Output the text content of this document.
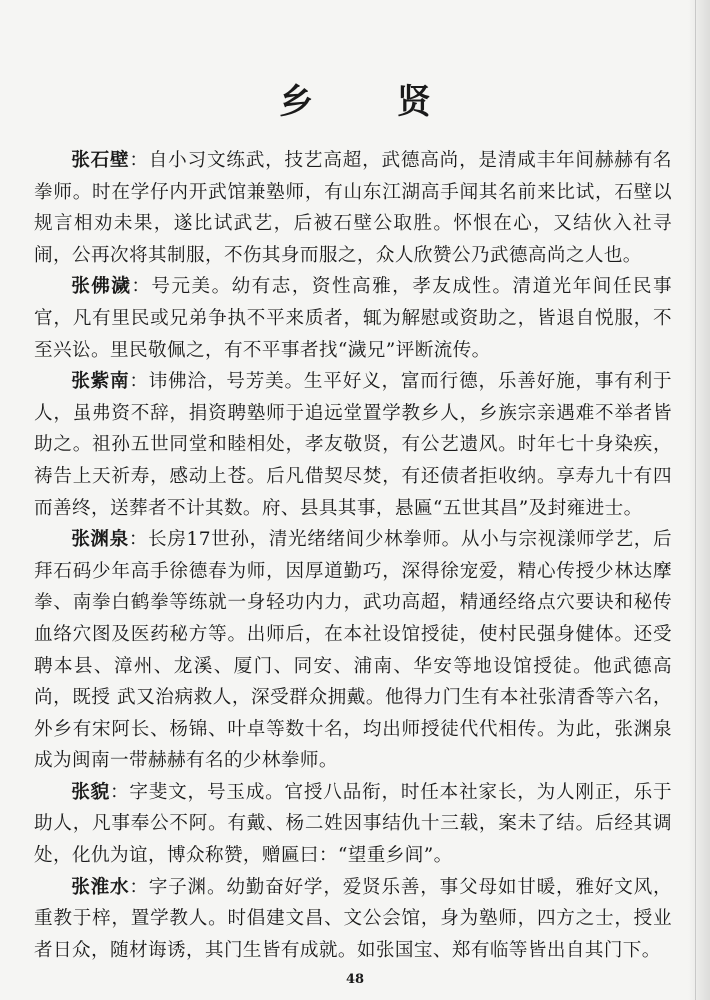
乡 贤

张石壁：自小习文练武，技艺高超，武德高尚，是清咸丰年间赫赫有名拳师。时在学仔内开武馆兼塾师，有山东江湖高手闻其名前来比试，石壁以规言相劝未果，遂比试武艺，后被石壁公取胜。怀恨在心，又结伙入社寻闹，公再次将其制服，不伤其身而服之，众人欣赞公乃武德高尚之人也。

张佛濊：号元美。幼有志，资性高雅，孝友成性。清道光年间任民事官，凡有里民或兄弟争执不平来质者，辄为解慰或资助之，皆退自悦服，不至兴讼。里民敬佩之，有不平事者找“濊兄”评断流传。

张紫南：讳佛洽，号芳美。生平好义，富而行德，乐善好施，事有利于人，虽弗资不辞，捐资聘塾师于追远堂置学教乡人，乡族宗亲遇难不举者皆助之。祖孙五世同堂和睦相处，孝友敬贤，有公艺遗风。时年七十身染疾，祷告上天祈寿，感动上苍。后凡借契尽焚，有还债者拒收纳。享寿九十有四而善终，送葬者不计其数。府、县具其事，悬匾“五世其昌”及封雍进士。

张渊泉：长房17世孙，清光绪绪间少林拳师。从小与宗视漾师学艺，后拜石码少年高手徐德春为师，因厚道勤巧，深得徐宠爱，精心传授少林达摩拳、南拳白鹤拳等练就一身轻功内力，武功高超，精通经络点穴要诀和秘传血络穴图及医药秘方等。出师后，在本社设馆授徒，使村民强身健体。还受聘本县、漳州、龙溪、厦门、同安、浦南、华安等地设馆授徒。他武德高尚，既授 武又治病救人，深受群众拥戴。他得力门生有本社张清香等六名，外乡有宋阿长、杨锦、叶卓等数十名，均出师授徒代代相传。为此，张渊泉成为闽南一带赫赫有名的少林拳师。

张貌：字斐文，号玉成。官授八品衔，时任本社家长，为人刚正，乐于助人，凡事奉公不阿。有戴、杨二姓因事结仇十三载，案未了结。后经其调处，化仇为谊，博众称赞，赠匾曰：“望重乡闾”。

张淮水：字子渊。幼勤奋好学，爱贤乐善，事父母如甘暖，雅好文风，重教于梓，置学教人。时倡建文昌、文公会馆，身为塾师，四方之士，授业者日众，随材诲诱，其门生皆有成就。如张国宝、郑有临等皆出自其门下。

48
